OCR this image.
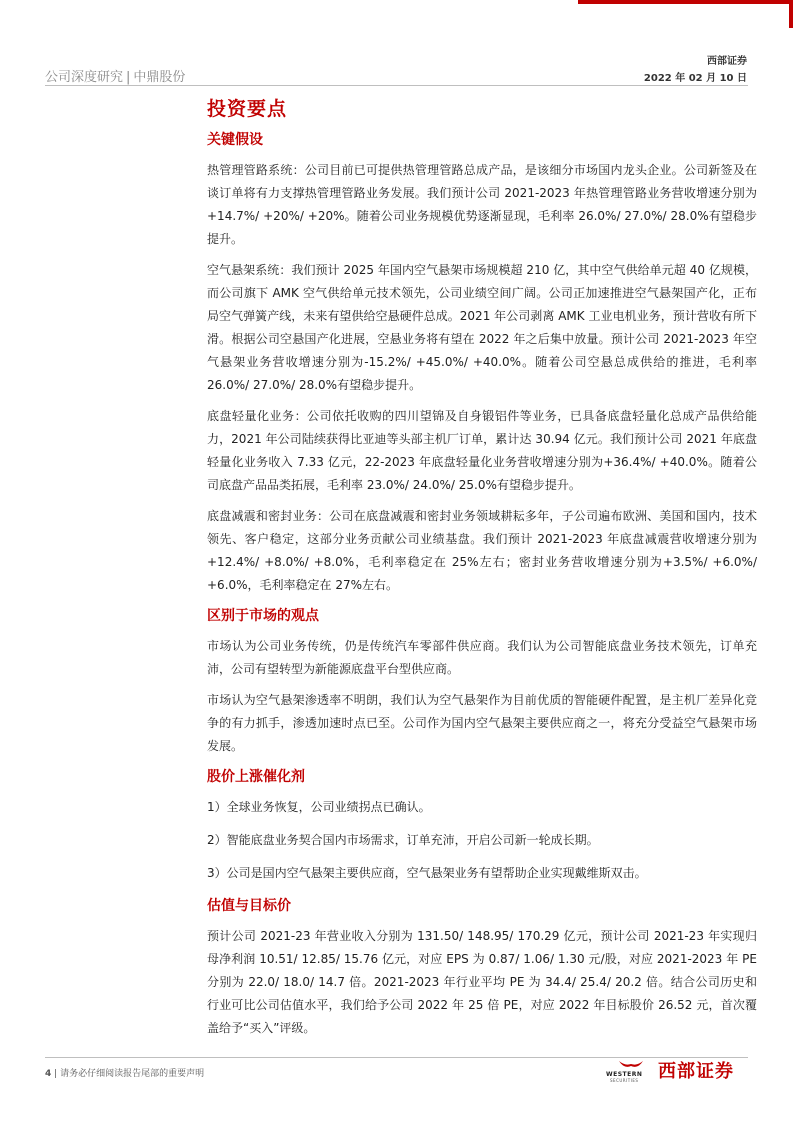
公司深度研究 | 中鼎股份
西部证券
2022 年 02 月 10 日
投资要点
关键假设

热管理管路系统：公司目前已可提供热管理管路总成产品，是该细分市场国内龙头企业。公司新签及在谈订单将有力支撑热管理管路业务发展。我们预计公司 2021-2023 年热管理管路业务营收增速分别为+14.7%/ +20%/ +20%。随着公司业务规模优势逐渐显现，毛利率 26.0%/ 27.0%/ 28.0%有望稳步提升。

空气悬架系统：我们预计 2025 年国内空气悬架市场规模超 210 亿，其中空气供给单元超 40 亿规模，而公司旗下 AMK 空气供给单元技术领先，公司业绩空间广阔。公司正加速推进空气悬架国产化，正布局空气弹簧产线，未来有望供给空悬硬件总成。2021 年公司剥离 AMK 工业电机业务，预计营收有所下滑。根据公司空悬国产化进展，空悬业务将有望在 2022 年之后集中放量。预计公司 2021-2023 年空气悬架业务营收增速分别为-15.2%/ +45.0%/ +40.0%。随着公司空悬总成供给的推进，毛利率 26.0%/ 27.0%/ 28.0%有望稳步提升。

底盘轻量化业务：公司依托收购的四川望锦及自身锻铝件等业务，已具备底盘轻量化总成产品供给能力，2021 年公司陆续获得比亚迪等头部主机厂订单，累计达 30.94 亿元。我们预计公司 2021 年底盘轻量化业务收入 7.33 亿元，22-2023 年底盘轻量化业务营收增速分别为+36.4%/ +40.0%。随着公司底盘产品品类拓展，毛利率 23.0%/ 24.0%/ 25.0%有望稳步提升。

底盘减震和密封业务：公司在底盘减震和密封业务领域耕耘多年，子公司遍布欧洲、美国和国内，技术领先、客户稳定，这部分业务贡献公司业绩基盘。我们预计 2021-2023 年底盘减震营收增速分别为+12.4%/ +8.0%/ +8.0%，毛利率稳定在 25%左右；密封业务营收增速分别为+3.5%/ +6.0%/ +6.0%，毛利率稳定在 27%左右。

区别于市场的观点

市场认为公司业务传统，仍是传统汽车零部件供应商。我们认为公司智能底盘业务技术领先，订单充沛，公司有望转型为新能源底盘平台型供应商。

市场认为空气悬架渗透率不明朗，我们认为空气悬架作为目前优质的智能硬件配置，是主机厂差异化竞争的有力抓手，渗透加速时点已至。公司作为国内空气悬架主要供应商之一，将充分受益空气悬架市场发展。

股价上涨催化剂
1）全球业务恢复，公司业绩拐点已确认。
2）智能底盘业务契合国内市场需求，订单充沛，开启公司新一轮成长期。
3）公司是国内空气悬架主要供应商，空气悬架业务有望帮助企业实现戴维斯双击。
估值与目标价

预计公司 2021-23 年营业收入分别为 131.50/ 148.95/ 170.29 亿元，预计公司 2021-23 年实现归母净利润 10.51/ 12.85/ 15.76 亿元，对应 EPS 为 0.87/ 1.06/ 1.30 元/股，对应 2021-2023 年 PE 分别为 22.0/ 18.0/ 14.7 倍。2021-2023 年行业平均 PE 为 34.4/ 25.4/ 20.2 倍。结合公司历史和行业可比公司估值水平，我们给予公司 2022 年 25 倍 PE，对应 2022 年目标股价 26.52 元，首次覆盖给予“买入”评级。

4 | 请务必仔细阅读报告尾部的重要声明	WESTERN
SECURITIES 西部证券
